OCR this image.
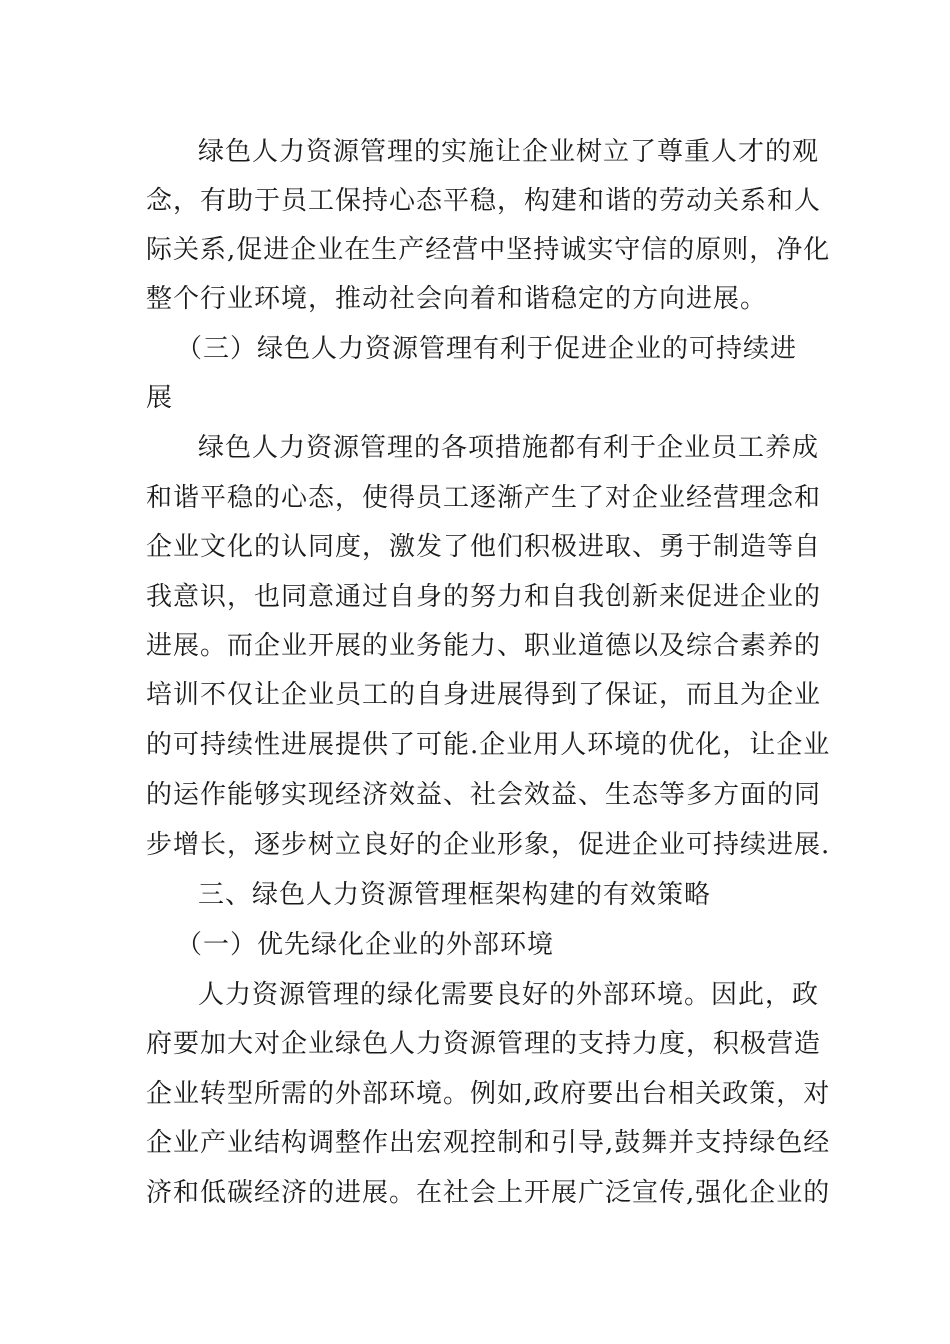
绿色人力资源管理的实施让企业树立了尊重人才的观
念，有助于员工保持心态平稳，构建和谐的劳动关系和人
际关系,促进企业在生产经营中坚持诚实守信的原则，净化
整个行业环境，推动社会向着和谐稳定的方向进展。
（三）绿色人力资源管理有利于促进企业的可持续进
展
绿色人力资源管理的各项措施都有利于企业员工养成
和谐平稳的心态，使得员工逐渐产生了对企业经营理念和
企业文化的认同度，激发了他们积极进取、勇于制造等自
我意识，也同意通过自身的努力和自我创新来促进企业的
进展。而企业开展的业务能力、职业道德以及综合素养的
培训不仅让企业员工的自身进展得到了保证，而且为企业
的可持续性进展提供了可能.企业用人环境的优化，让企业
的运作能够实现经济效益、社会效益、生态等多方面的同
步增长，逐步树立良好的企业形象，促进企业可持续进展.
三、绿色人力资源管理框架构建的有效策略
（一）优先绿化企业的外部环境
人力资源管理的绿化需要良好的外部环境。因此，政
府要加大对企业绿色人力资源管理的支持力度，积极营造
企业转型所需的外部环境。例如,政府要出台相关政策，对
企业产业结构调整作出宏观控制和引导,鼓舞并支持绿色经
济和低碳经济的进展。在社会上开展广泛宣传,强化企业的
